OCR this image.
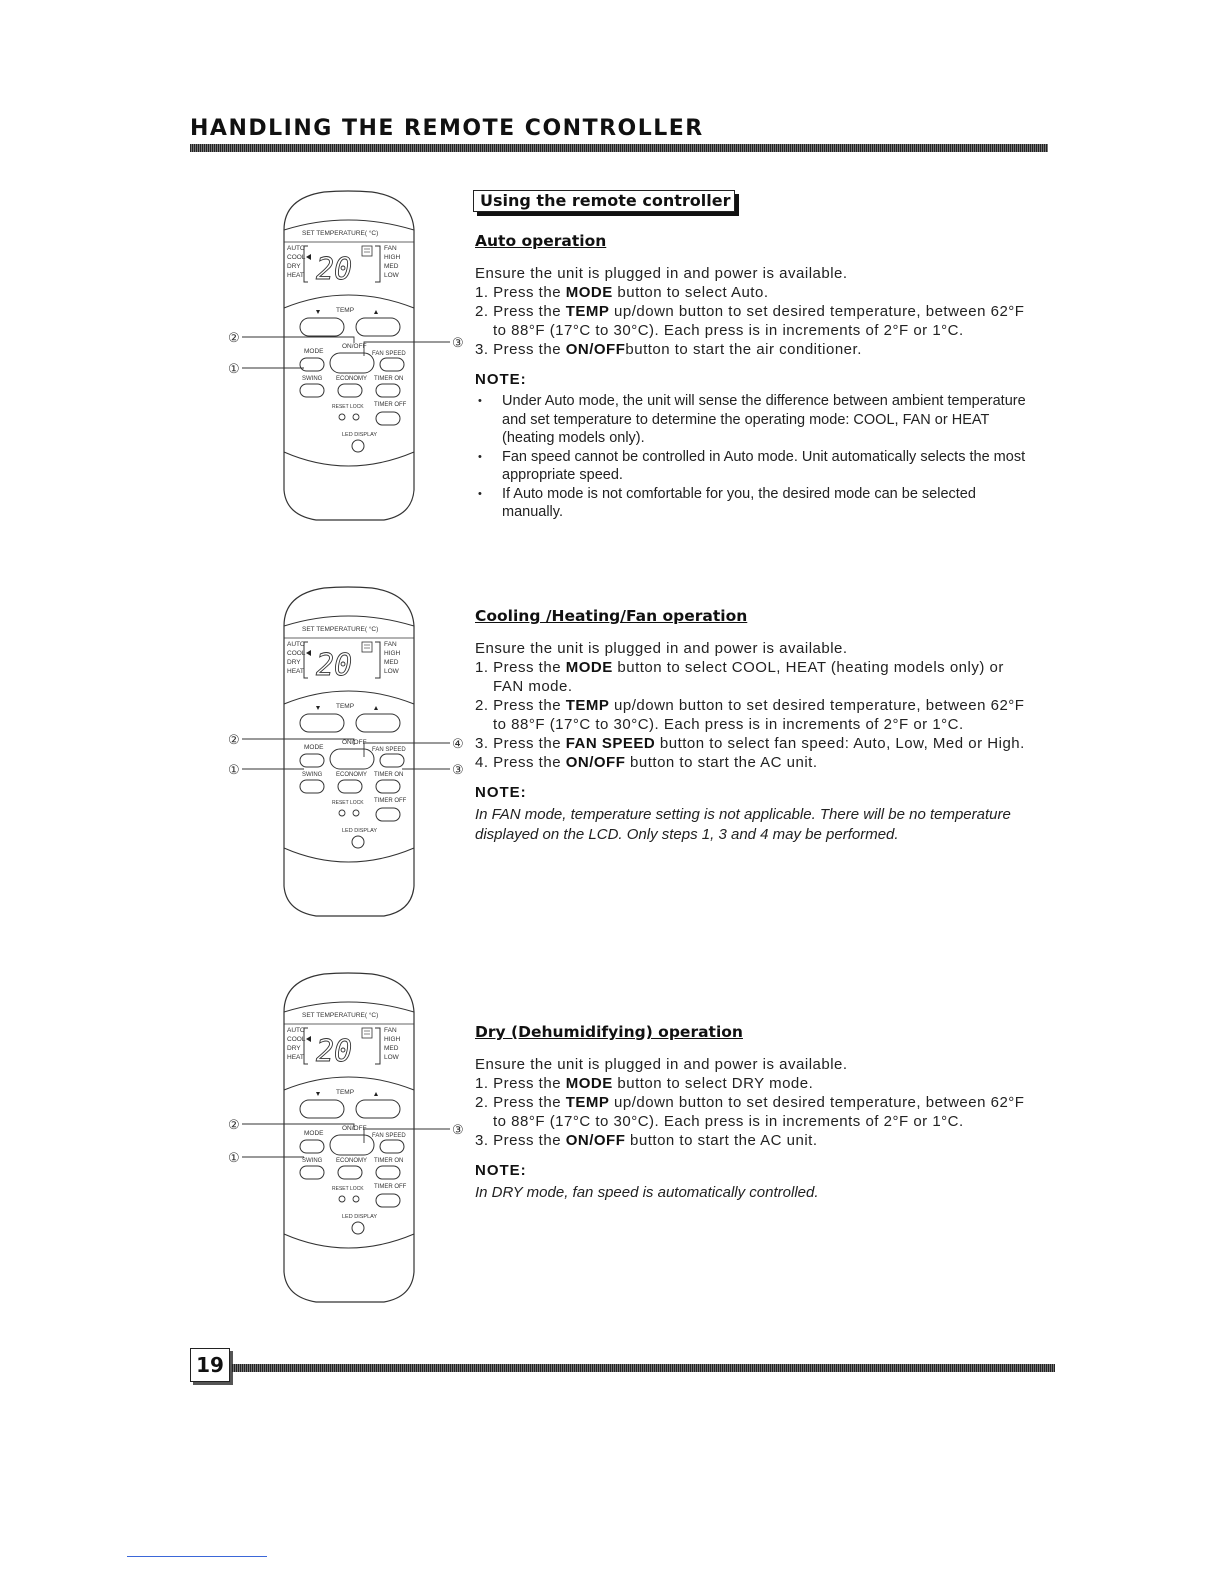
HANDLING THE REMOTE CONTROLLER
SET TEMPERATURE( °C)
AUTO
COOL
DRY
HEAT
FAN
HIGH
MED
LOW
20
TEMP
MODE
ON/OFF
FAN SPEED
SWING ECONOMY TIMER ON
RESET LOCK TIMER OFF
LED DISPLAY
②
①
③
SET TEMPERATURE( °C)
AUTO
COOL
DRY
HEAT
FAN
HIGH
MED
LOW
20
TEMP
MODE
ON/OFF
FAN SPEED
SWING ECONOMY TIMER ON
RESET LOCK TIMER OFF
LED DISPLAY
②
①
④
③
SET TEMPERATURE( °C)
AUTO
COOL
DRY
HEAT
FAN
HIGH
MED
LOW
20
TEMP
MODE
ON/OFF
FAN SPEED
SWING ECONOMY TIMER ON
RESET LOCK TIMER OFF
LED DISPLAY
②
①
③
Using the remote controller
Auto operation

Ensure the unit is plugged in and power is available.

1. Press the MODE button to select Auto.
2. Press the TEMP up/down button to set desired temperature, between 62°F to 88°F (17°C to 30°C). Each press is in increments of 2°F or 1°C.
3. Press the ON/OFFbutton to start the air conditioner.
NOTE:
• Under Auto mode, the unit will sense the difference between ambient temperature and set temperature to determine the operating mode: COOL, FAN or HEAT (heating models only).
• Fan speed cannot be controlled in Auto mode. Unit automatically selects the most appropriate speed.
• If Auto mode is not comfortable for you, the desired mode can be selected manually.
Cooling /Heating/Fan operation

Ensure the unit is plugged in and power is available.

1. Press the MODE button to select COOL, HEAT (heating models only) or FAN mode.
2. Press the TEMP up/down button to set desired temperature, between 62°F to 88°F (17°C to 30°C). Each press is in increments of 2°F or 1°C.
3. Press the FAN SPEED button to select fan speed: Auto, Low, Med or High.
4. Press the ON/OFF button to start the AC unit.
NOTE:

In FAN mode, temperature setting is not applicable. There will be no temperature displayed on the LCD. Only steps 1, 3 and 4 may be performed.

Dry (Dehumidifying) operation

Ensure the unit is plugged in and power is available.

1. Press the MODE button to select DRY mode.
2. Press the TEMP up/down button to set desired temperature, between 62°F to 88°F (17°C to 30°C). Each press is in increments of 2°F or 1°C.
3. Press the ON/OFF button to start the AC unit.
NOTE:

In DRY mode, fan speed is automatically controlled.

19
